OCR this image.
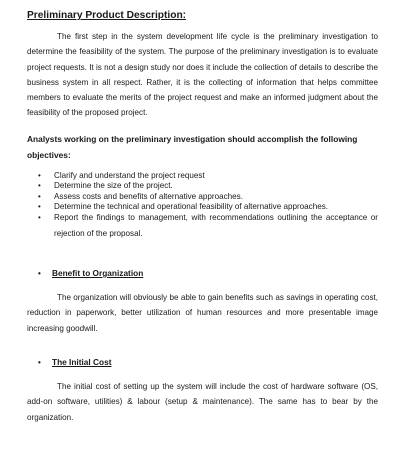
Preliminary Product Description:

The first step in the system development life cycle is the preliminary investigation to determine the feasibility of the system. The purpose of the preliminary investigation is to evaluate project requests. It is not a design study nor does it include the collection of details to describe the business system in all respect. Rather, it is the collecting of information that helps committee members to evaluate the merits of the project request and make an informed judgment about the feasibility of the proposed project.

Analysts working on the preliminary investigation should accomplish the following objectives:

• Clarify and understand the project request
• Determine the size of the project.
• Assess costs and benefits of alternative approaches.
• Determine the technical and operational feasibility of alternative approaches.
• Report the findings to management, with recommendations outlining the acceptance or rejection of the proposal.
• Benefit to Organization

The organization will obviously be able to gain benefits such as savings in operating cost, reduction in paperwork, better utilization of human resources and more presentable image increasing goodwill.

• The Initial Cost

The initial cost of setting up the system will include the cost of hardware software (OS, add-on software, utilities) & labour (setup & maintenance). The same has to bear by the organization.
